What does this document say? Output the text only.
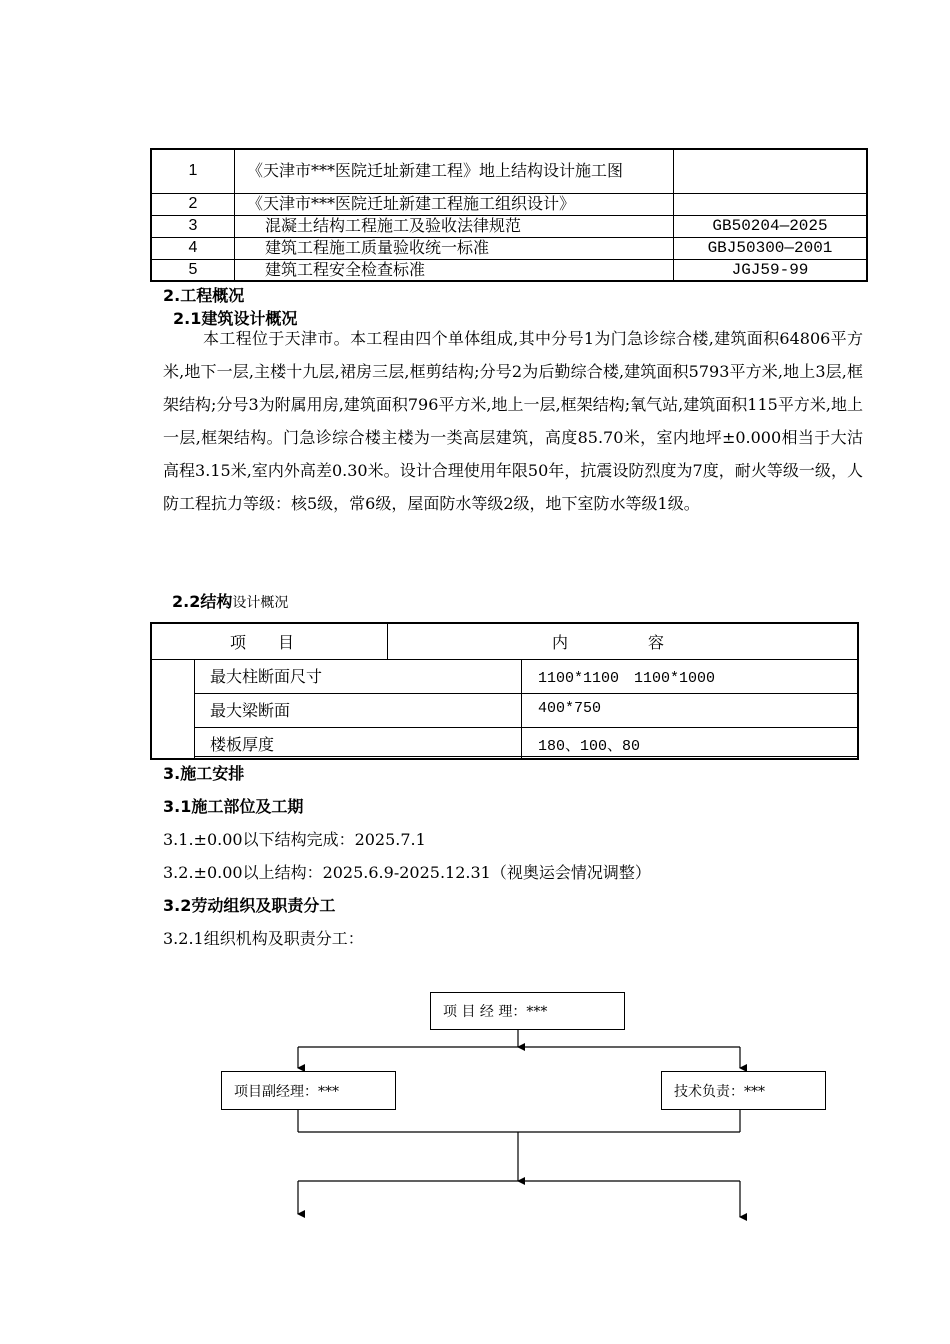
1	《天津市***医院迁址新建工程》地上结构设计施工图	
2	《天津市***医院迁址新建工程施工组织设计》	
3	混凝土结构工程施工及验收法律规范	GB50204—2025
4	建筑工程施工质量验收统一标准	GBJ50300—2001
5	建筑工程安全检查标准	JGJ59-99
2.工程概况
2.1建筑设计概况
本工程位于天津市。本工程由四个单体组成,其中分号1为门急诊综合楼,建筑面积64806平方米,地下一层,主楼十九层,裙房三层,框剪结构;分号2为后勤综合楼,建筑面积5793平方米,地上3层,框架结构;分号3为附属用房,建筑面积796平方米,地上一层,框架结构;氧气站,建筑面积115平方米,地上一层,框架结构。门急诊综合楼主楼为一类高层建筑，高度85.70米，室内地坪±0.000相当于大沽高程3.15米,室内外高差0.30米。设计合理使用年限50年，抗震设防烈度为7度，耐火等级一级，人防工程抗力等级：核5级，常6级，屋面防水等级2级，地下室防水等级1级。
2.2结构设计概况
项　　目	内　　　　　容
最大柱断面尺寸	1100*1100　1100*1000
最大梁断面	400*750
楼板厚度	180、100、80
3.施工安排
3.1施工部位及工期
3.1.±0.00以下结构完成：2025.7.1
3.2.±0.00以上结构：2025.6.9-2025.12.31（视奥运会情况调整）
3.2劳动组织及职责分工
3.2.1组织机构及职责分工：
项 目 经 理：***
项目副经理：***	技术负责：***
